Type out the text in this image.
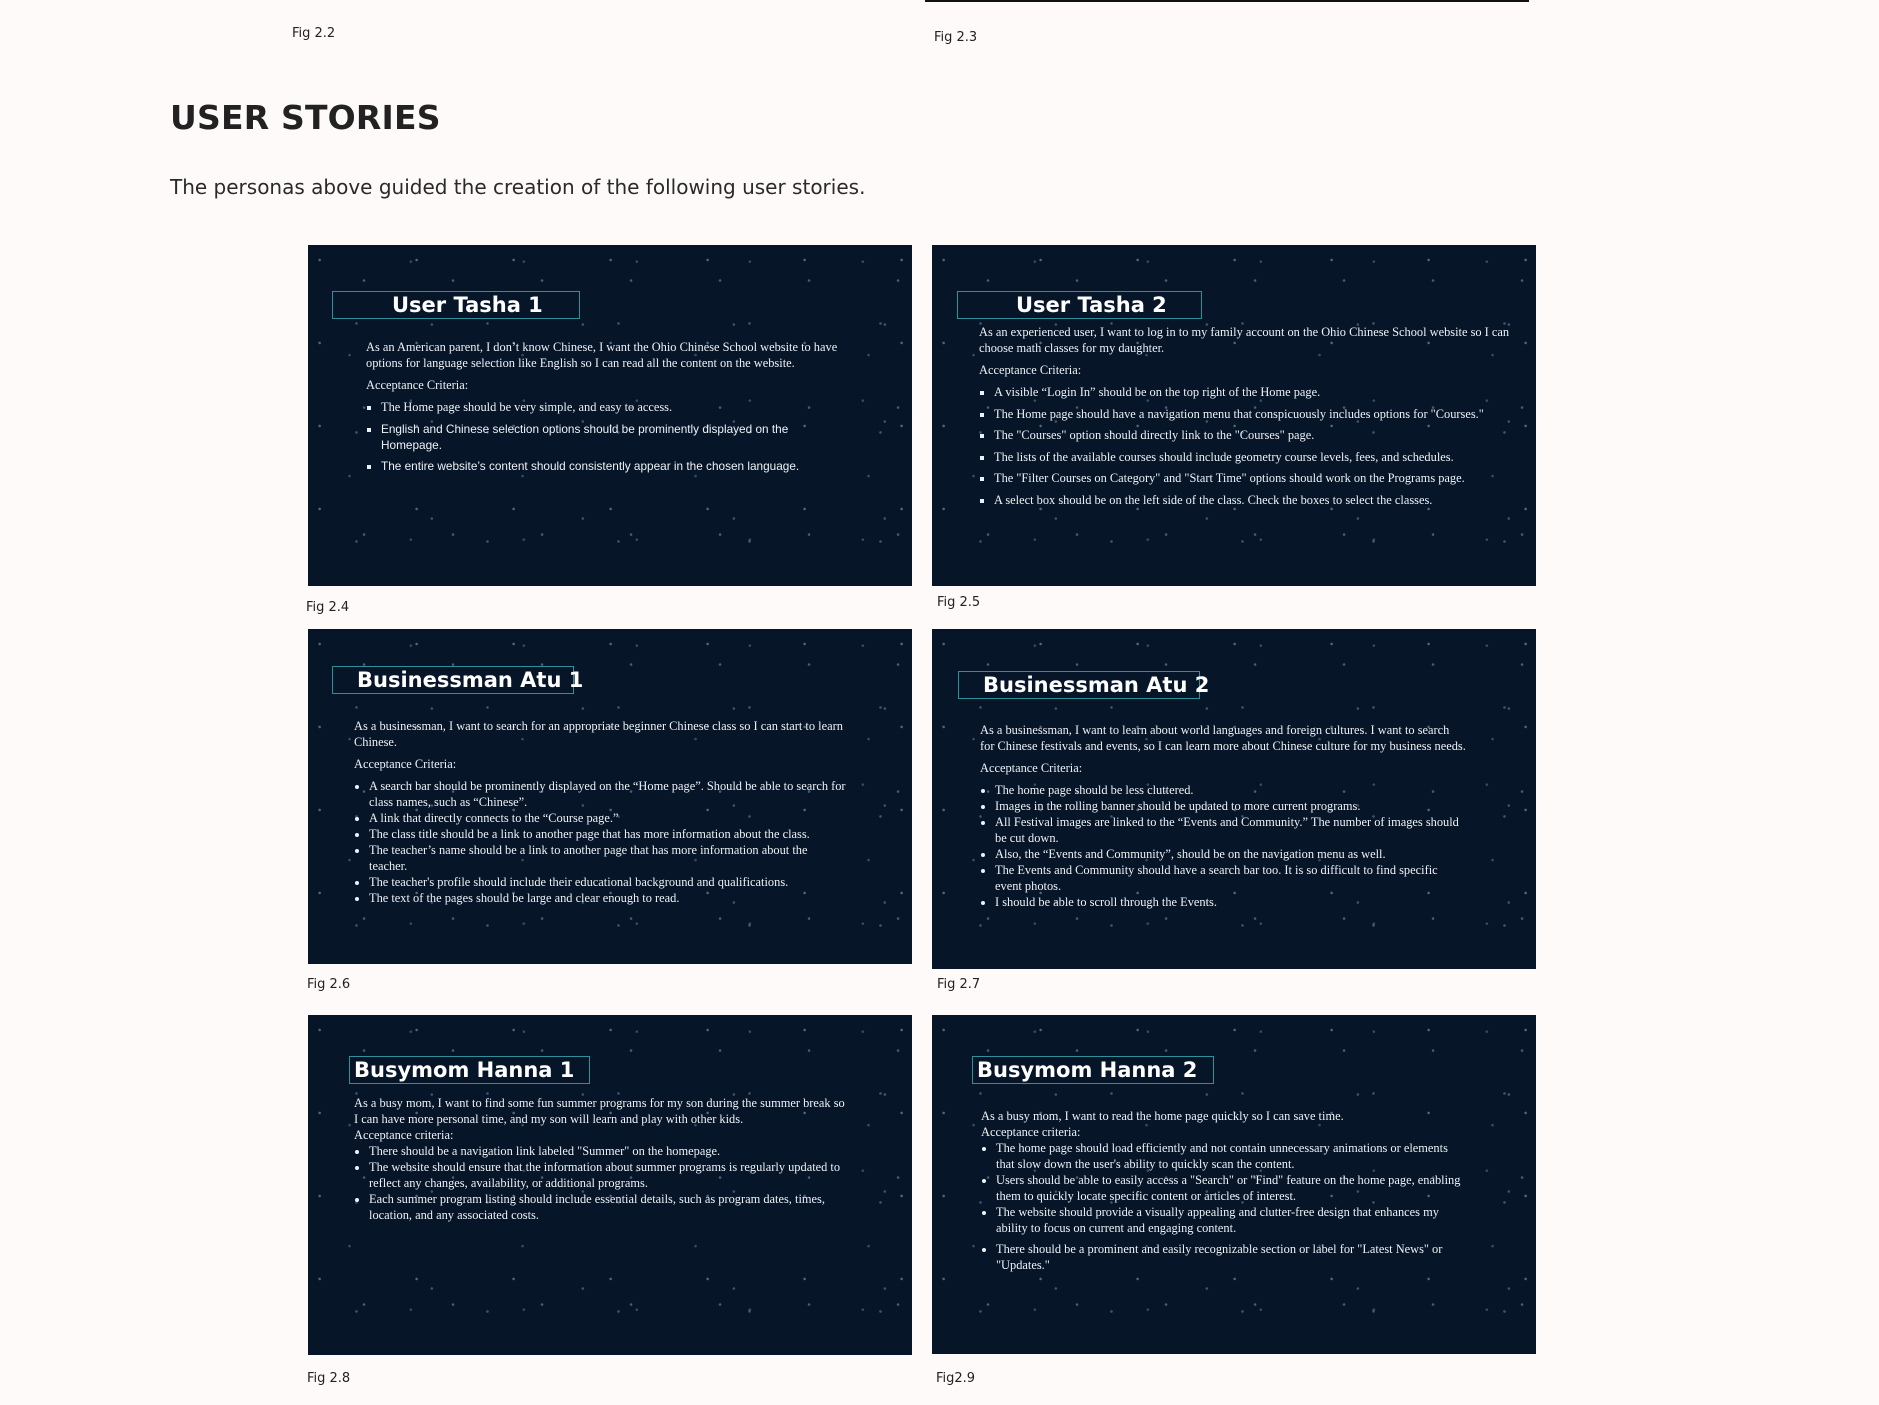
Fig 2.2	Fig 2.3
USER STORIES

The personas above guided the creation of the following user stories.

User Tasha 1

As an American parent, I don’t know Chinese, I want the Ohio Chinese School website to have options for language selection like English so I can read all the content on the website.

Acceptance Criteria:

▪ The Home page should be very simple, and easy to access.
▪ English and Chinese selection options should be prominently displayed on the Homepage.
▪ The entire website’s content should consistently appear in the chosen language.
Fig 2.4
User Tasha 2

As an experienced user, I want to log in to my family account on the Ohio Chinese School website so I can choose math classes for my daughter.

Acceptance Criteria:

▪ A visible “Login In” should be on the top right of the Home page.
▪ The Home page should have a navigation menu that conspicuously includes options for "Courses."
▪ The "Courses" option should directly link to the "Courses" page.
▪ The lists of the available courses should include geometry course levels, fees, and schedules.
▪ The "Filter Courses on Category" and "Start Time" options should work on the Programs page.
▪ A select box should be on the left side of the class. Check the boxes to select the classes.
Fig 2.5
Businessman Atu 1

As a businessman, I want to search for an appropriate beginner Chinese class so I can start to learn Chinese.

Acceptance Criteria:

• A search bar should be prominently displayed on the “Home page”. Should be able to search for class names, such as “Chinese”.
• A link that directly connects to the “Course page.”
• The class title should be a link to another page that has more information about the class.
• The teacher’s name should be a link to another page that has more information about the teacher.
• The teacher's profile should include their educational background and qualifications.
• The text of the pages should be large and clear enough to read.
Fig 2.6
Businessman Atu 2

As a businessman, I want to learn about world languages and foreign cultures. I want to search for Chinese festivals and events, so I can learn more about Chinese culture for my business needs.

Acceptance Criteria:

• The home page should be less cluttered.
• Images in the rolling banner should be updated to more current programs.
• All Festival images are linked to the “Events and Community.” The number of images should be cut down.
• Also, the “Events and Community”, should be on the navigation menu as well.
• The Events and Community should have a search bar too. It is so difficult to find specific event photos.
• I should be able to scroll through the Events.
Fig 2.7
Busymom Hanna 1

As a busy mom, I want to find some fun summer programs for my son during the summer break so I can have more personal time, and my son will learn and play with other kids.

Acceptance criteria:

• There should be a navigation link labeled "Summer" on the homepage.
• The website should ensure that the information about summer programs is regularly updated to reflect any changes, availability, or additional programs.
• Each summer program listing should include essential details, such as program dates, times, location, and any associated costs.
Fig 2.8
Busymom Hanna 2

As a busy mom, I want to read the home page quickly so I can save time.

Acceptance criteria:

• The home page should load efficiently and not contain unnecessary animations or elements that slow down the user's ability to quickly scan the content.
• Users should be able to easily access a "Search" or "Find" feature on the home page, enabling them to quickly locate specific content or articles of interest.
• The website should provide a visually appealing and clutter-free design that enhances my ability to focus on current and engaging content.
• There should be a prominent and easily recognizable section or label for "Latest News" or "Updates."
Fig2.9
